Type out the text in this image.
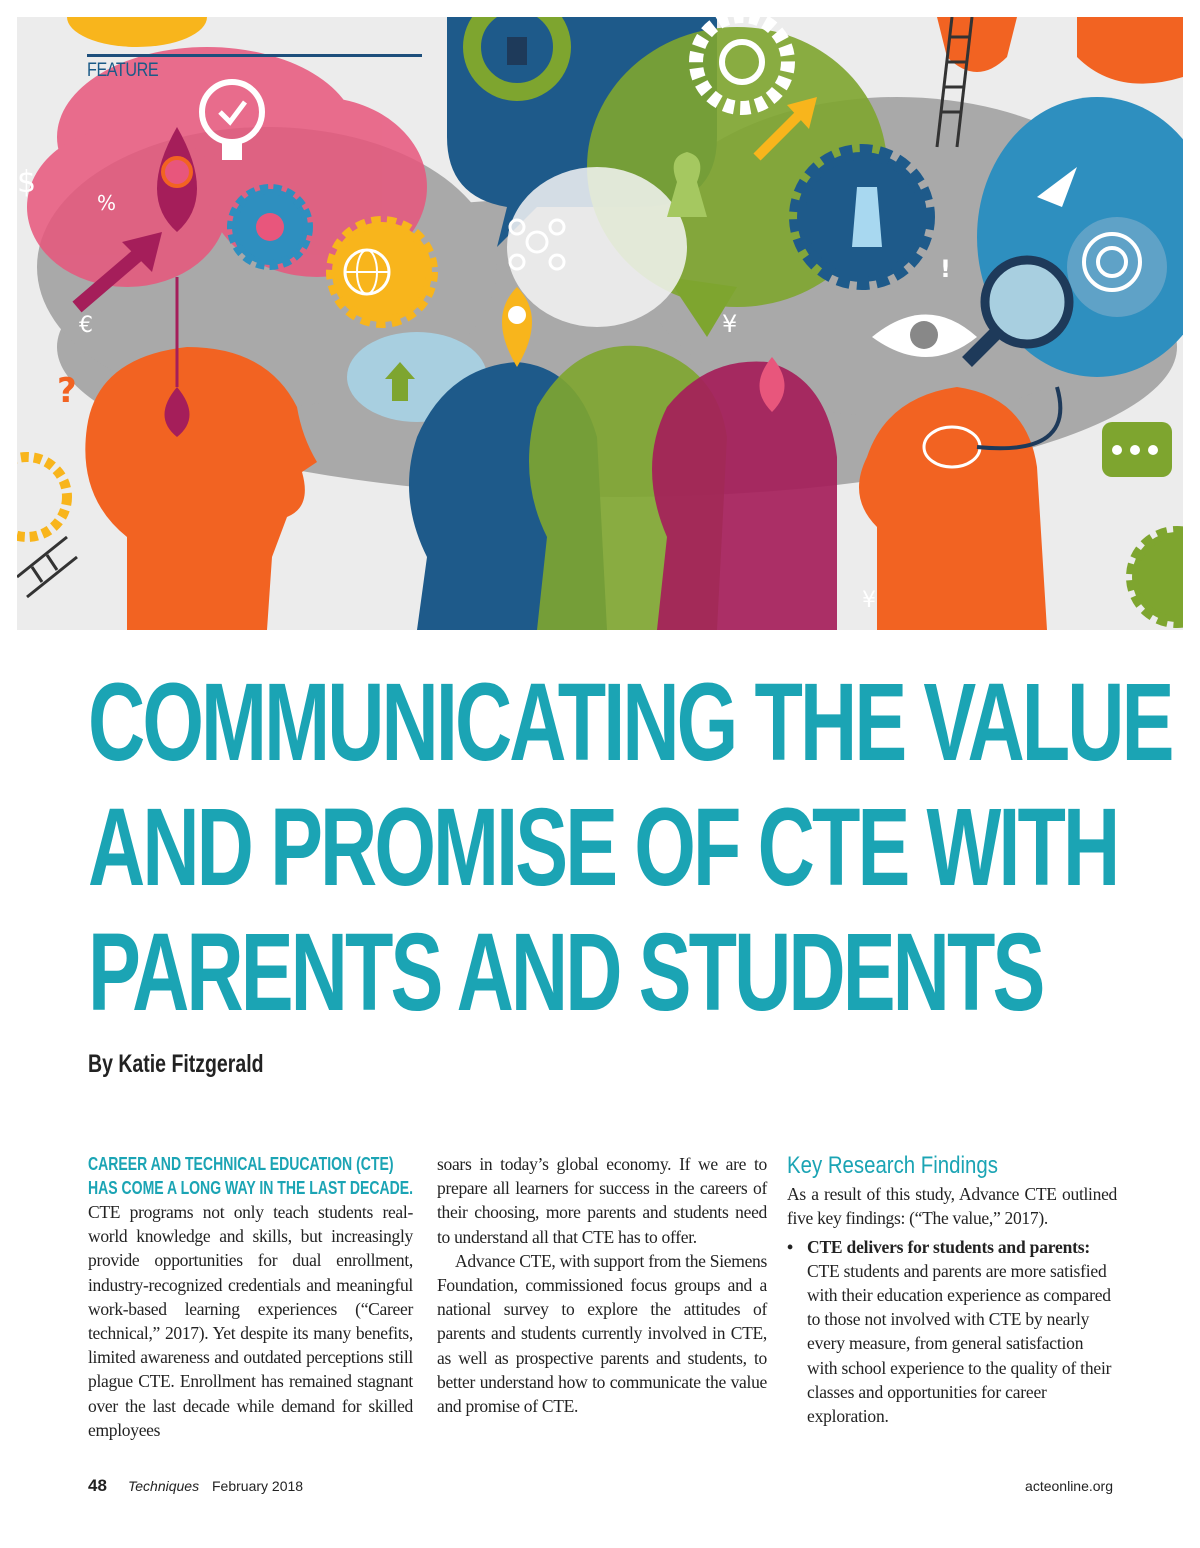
%
€	¥
¥
$
?
!
FEATURE
COMMUNICATING THE VALUE
AND PROMISE OF CTE WITH
PARENTS AND STUDENTS
By Katie Fitzgerald
CAREER AND TECHNICAL EDUCATION (CTE) HAS COME A LONG WAY IN THE LAST DECADE.

CTE programs not only teach students real-world knowledge and skills, but increasingly provide opportunities for dual enrollment, industry-recognized credentials and meaningful work-based learning experiences (“Career technical,” 2017). Yet despite its many benefits, limited awareness and outdated perceptions still plague CTE. Enrollment has remained stagnant over the last decade while demand for skilled employees

soars in today’s global economy. If we are to prepare all learners for success in the careers of their choosing, more parents and students need to understand all that CTE has to offer.

Advance CTE, with support from the Siemens Foundation, commissioned focus groups and a national survey to explore the attitudes of parents and students currently involved in CTE, as well as prospective parents and students, to better understand how to communicate the value and promise of CTE.

Key Research Findings

As a result of this study, Advance CTE outlined five key findings: (“The value,” 2017).

• CTE delivers for students and parents: CTE students and parents are more satisfied with their education experience as compared to those not involved with CTE by nearly every measure, from general satisfaction with school experience to the quality of their classes and opportunities for career exploration.
48 Techniques February 2018	acteonline.org
